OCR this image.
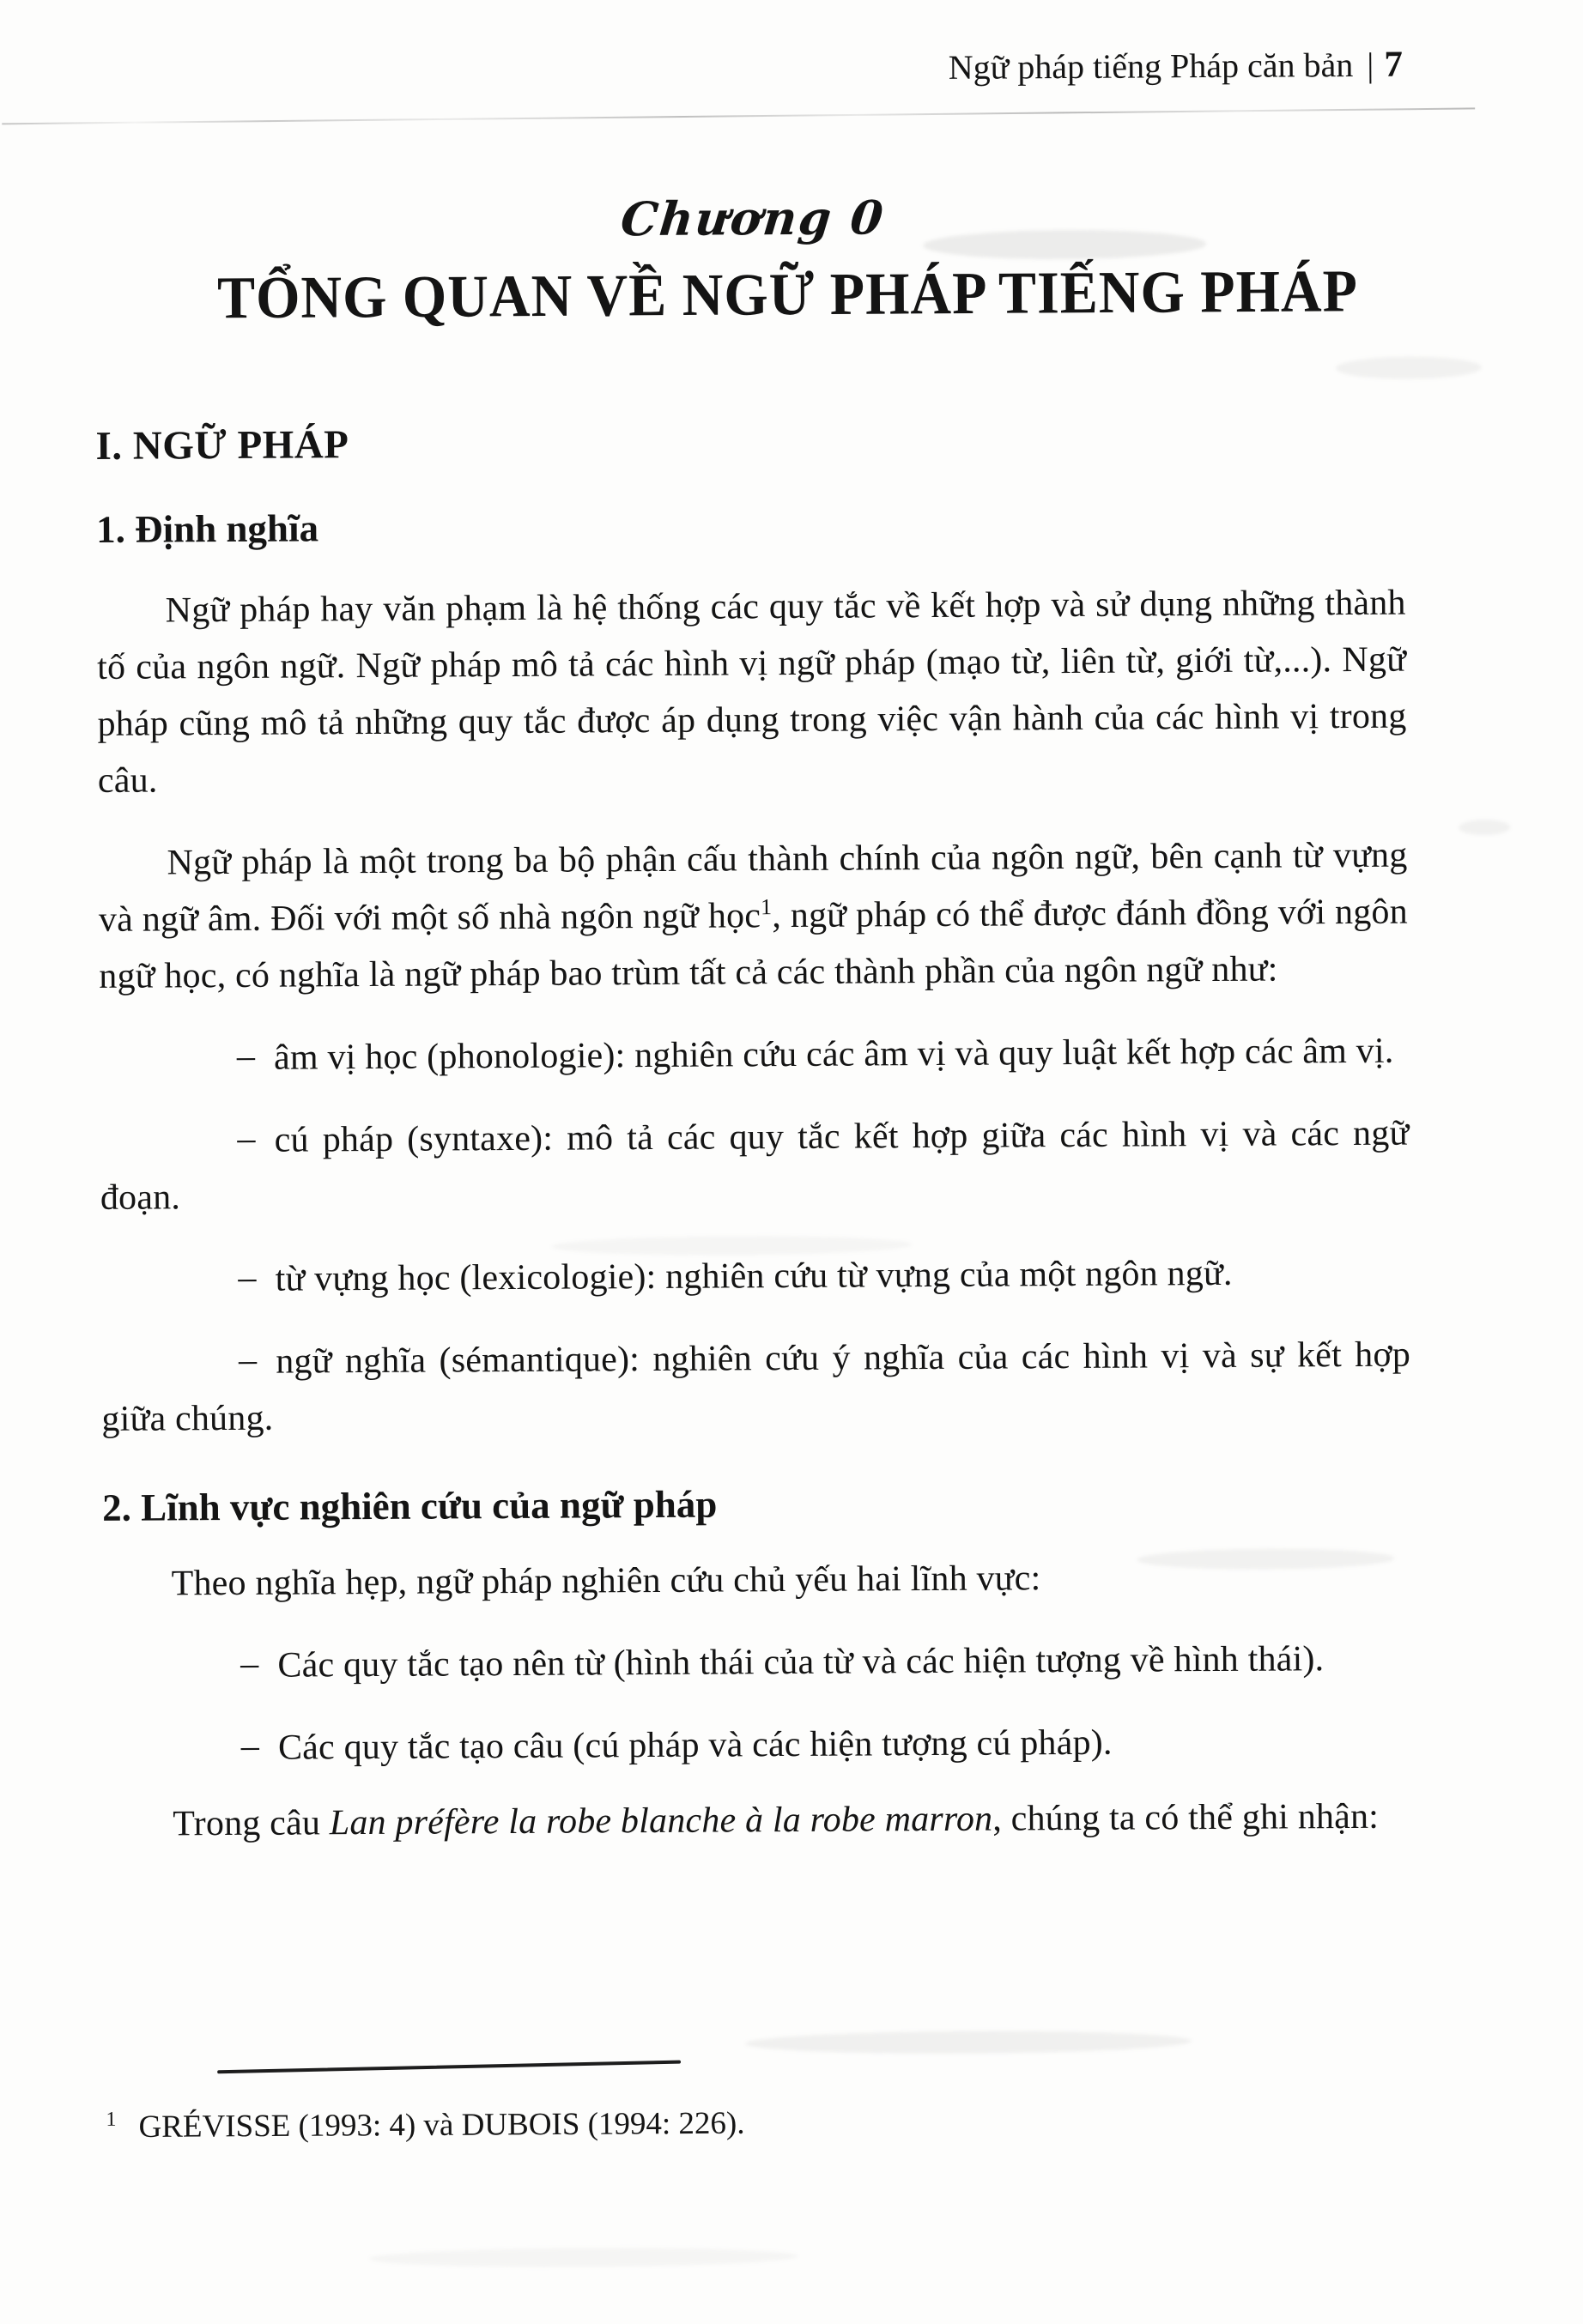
Ngữ pháp tiếng Pháp căn bản | 7
Chương 0
TỔNG QUAN VỀ NGỮ PHÁP TIẾNG PHÁP
I. NGỮ PHÁP
1. Định nghĩa

Ngữ pháp hay văn phạm là hệ thống các quy tắc về kết hợp và sử dụng những thành tố của ngôn ngữ. Ngữ pháp mô tả các hình vị ngữ pháp (mạo từ, liên từ, giới từ,...). Ngữ pháp cũng mô tả những quy tắc được áp dụng trong việc vận hành của các hình vị trong câu.

Ngữ pháp là một trong ba bộ phận cấu thành chính của ngôn ngữ, bên cạnh từ vựng và ngữ âm. Đối với một số nhà ngôn ngữ học$^1$, ngữ pháp có thể được đánh đồng với ngôn ngữ học, có nghĩa là ngữ pháp bao trùm tất cả các thành phần của ngôn ngữ như:

– âm vị học (phonologie): nghiên cứu các âm vị và quy luật kết hợp các âm vị.

– cú pháp (syntaxe): mô tả các quy tắc kết hợp giữa các hình vị và các ngữ đoạn.

– từ vựng học (lexicologie): nghiên cứu từ vựng của một ngôn ngữ.

– ngữ nghĩa (sémantique): nghiên cứu ý nghĩa của các hình vị và sự kết hợp giữa chúng.

2. Lĩnh vực nghiên cứu của ngữ pháp

Theo nghĩa hẹp, ngữ pháp nghiên cứu chủ yếu hai lĩnh vực:

– Các quy tắc tạo nên từ (hình thái của từ và các hiện tượng về hình thái).

– Các quy tắc tạo câu (cú pháp và các hiện tượng cú pháp).

Trong câu Lan préfère la robe blanche à la robe marron, chúng ta có thể ghi nhận:

$^1$ GRÉVISSE (1993: 4) và DUBOIS (1994: 226).
